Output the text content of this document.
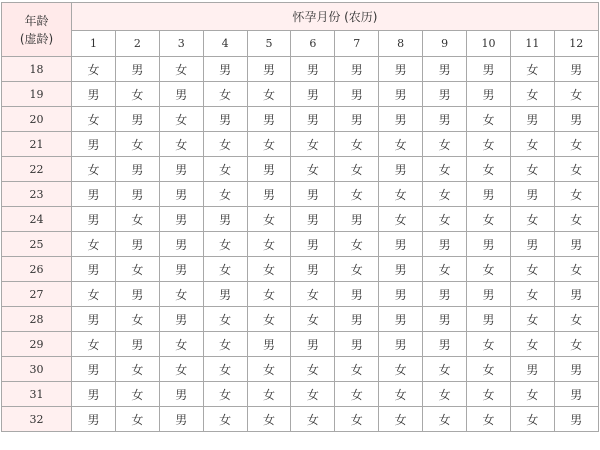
年龄
(虚龄)	怀孕月份 (农历)											
	1	2	3	4	5	6	7	8	9	10	11	12
18	女	男	女	男	男	男	男	男	男	男	女	男
19	男	女	男	女	女	男	男	男	男	男	女	女
20	女	男	女	男	男	男	男	男	男	女	男	男
21	男	女	女	女	女	女	女	女	女	女	女	女
22	女	男	男	女	男	女	女	男	女	女	女	女
23	男	男	男	女	男	男	女	女	女	男	男	女
24	男	女	男	男	女	男	男	女	女	女	女	女
25	女	男	男	女	女	男	女	男	男	男	男	男
26	男	女	男	女	女	男	女	男	女	女	女	女
27	女	男	女	男	女	女	男	男	男	男	女	男
28	男	女	男	女	女	女	男	男	男	男	女	女
29	女	男	女	女	男	男	男	男	男	女	女	女
30	男	女	女	女	女	女	女	女	女	女	男	男
31	男	女	男	女	女	女	女	女	女	女	女	男
32	男	女	男	女	女	女	女	女	女	女	女	男
